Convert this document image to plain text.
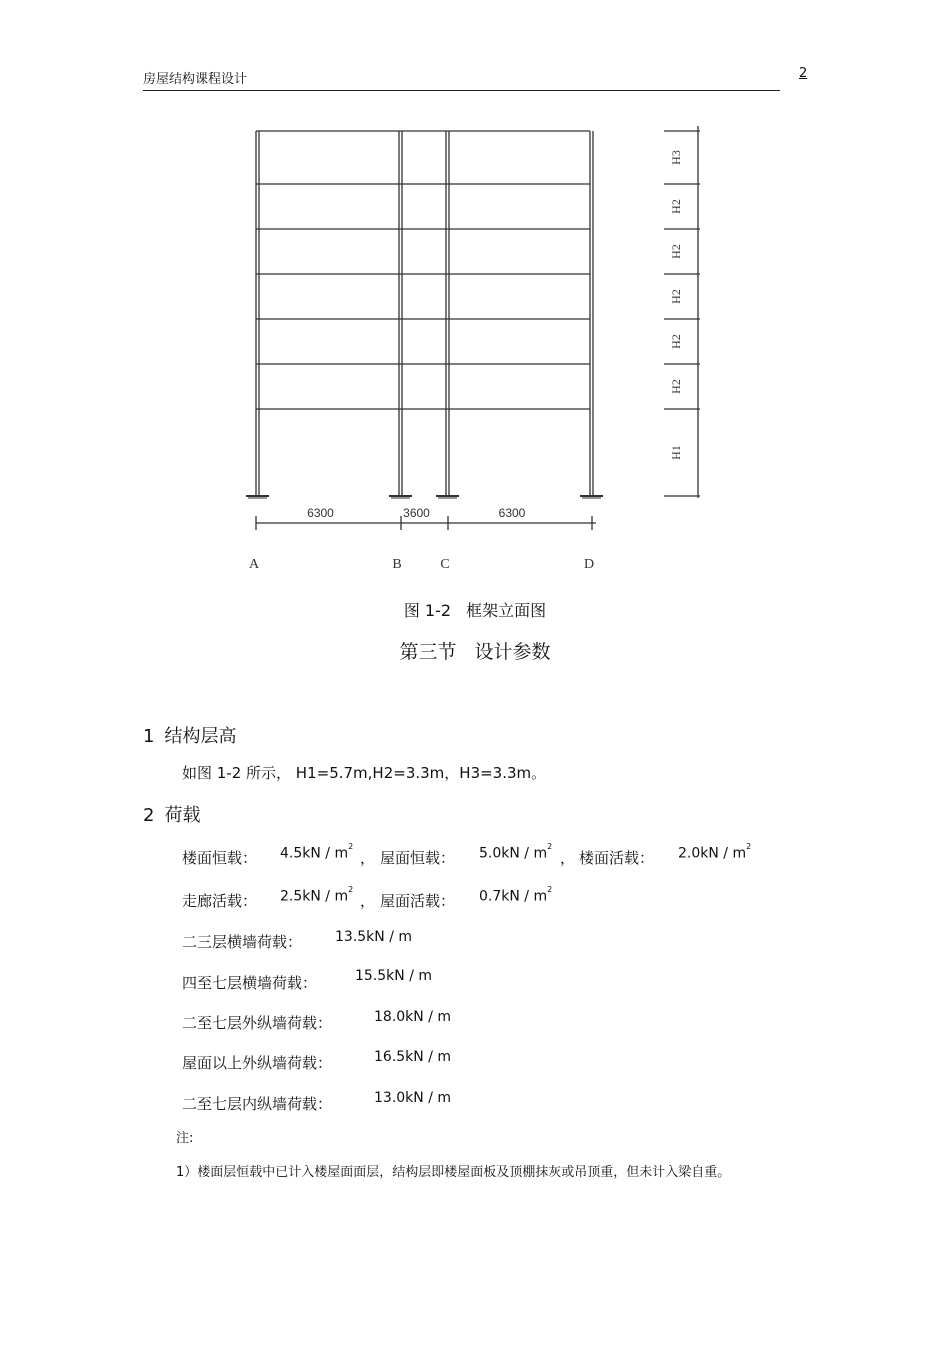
房屋结构课程设计	2
6300	3600	6300
A	B	C	D
H3
H2
H2
H2
H2
H2
H1
图 1-2 框架立面图
第三节 设计参数
1 结构层高
如图 1-2 所示， H1=5.7m,H2=3.3m，H3=3.3m。
2 荷载
楼面恒载： $4.5kN / m^2$
， 屋面恒载： $5.0kN / m^2$
， 楼面活载： $2.0kN / m^2$
走廊活载： $2.5kN / m^2$
， 屋面活载： $0.7kN / m^2$
二三层横墙荷载： 13.5kN / m
四至七层横墙荷载：	15.5kN / m
二至七层外纵墙荷载：	18.0kN / m
屋面以上外纵墙荷载：	16.5kN / m
二至七层内纵墙荷载：	13.0kN / m
注:
1）楼面层恒载中已计入楼屋面面层，结构层即楼屋面板及顶棚抹灰或吊顶重，但未计入梁自重。
